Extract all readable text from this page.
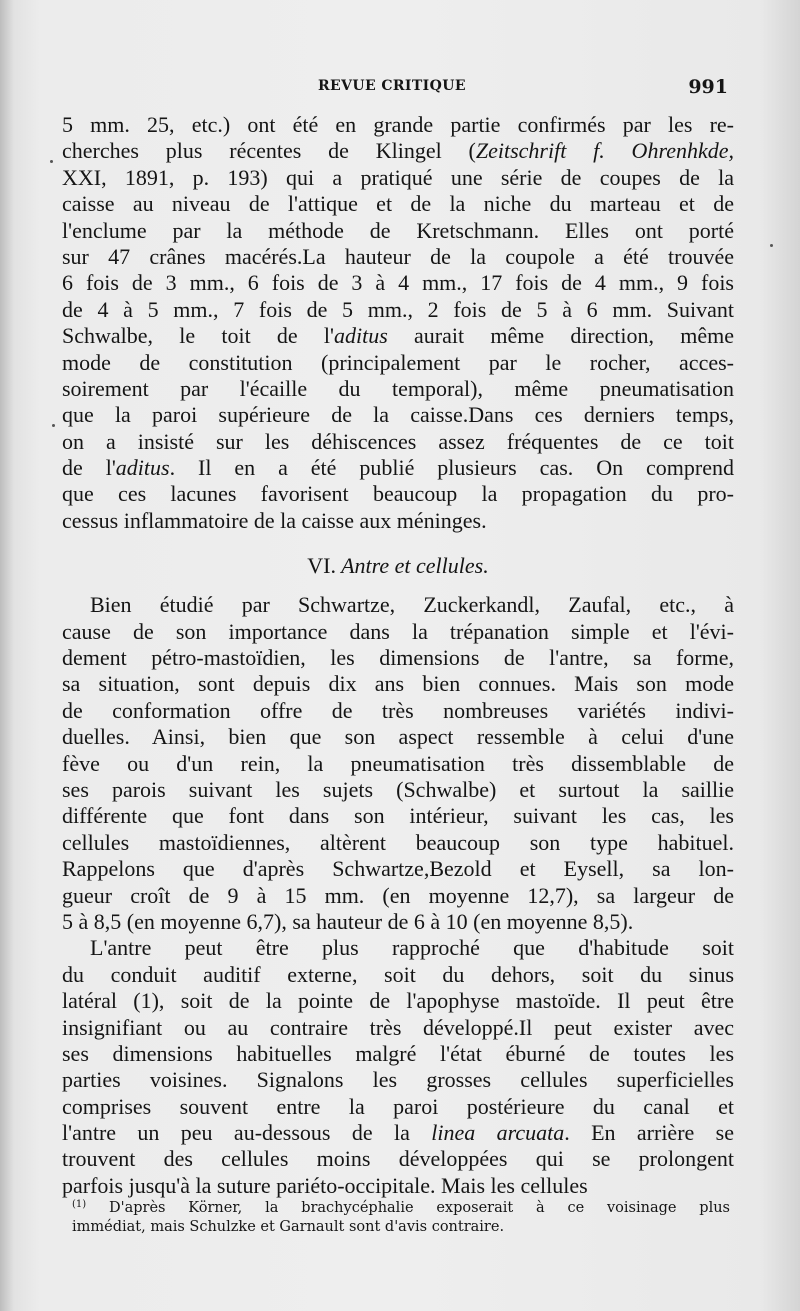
REVUE CRITIQUE	991
5 mm. 25, etc.) ont été en grande partie confirmés par les re-
cherches plus récentes de Klingel (Zeitschrift f. Ohrenhkde,
XXI, 1891, p. 193) qui a pratiqué une série de coupes de la
caisse au niveau de l'attique et de la niche du marteau et de
l'enclume par la méthode de Kretschmann. Elles ont porté
sur 47 crânes macérés.La hauteur de la coupole a été trouvée
6 fois de 3 mm., 6 fois de 3 à 4 mm., 17 fois de 4 mm., 9 fois
de 4 à 5 mm., 7 fois de 5 mm., 2 fois de 5 à 6 mm. Suivant
Schwalbe, le toit de l'aditus aurait même direction, même
mode de constitution (principalement par le rocher, acces-
soirement par l'écaille du temporal), même pneumatisation
que la paroi supérieure de la caisse.Dans ces derniers temps,
on a insisté sur les déhiscences assez fréquentes de ce toit
de l'aditus. Il en a été publié plusieurs cas. On comprend
que ces lacunes favorisent beaucoup la propagation du pro-
cessus inflammatoire de la caisse aux méninges.
VI. Antre et cellules.
Bien étudié par Schwartze, Zuckerkandl, Zaufal, etc., à
cause de son importance dans la trépanation simple et l'évi-
dement pétro-mastoïdien, les dimensions de l'antre, sa forme,
sa situation, sont depuis dix ans bien connues. Mais son mode
de conformation offre de très nombreuses variétés indivi-
duelles. Ainsi, bien que son aspect ressemble à celui d'une
fève ou d'un rein, la pneumatisation très dissemblable de
ses parois suivant les sujets (Schwalbe) et surtout la saillie
différente que font dans son intérieur, suivant les cas, les
cellules mastoïdiennes, altèrent beaucoup son type habituel.
Rappelons que d'après Schwartze,Bezold et Eysell, sa lon-
gueur croît de 9 à 15 mm. (en moyenne 12,7), sa largeur de
5 à 8,5 (en moyenne 6,7), sa hauteur de 6 à 10 (en moyenne 8,5).
L'antre peut être plus rapproché que d'habitude soit
du conduit auditif externe, soit du dehors, soit du sinus
latéral (1), soit de la pointe de l'apophyse mastoïde. Il peut être
insignifiant ou au contraire très développé.Il peut exister avec
ses dimensions habituelles malgré l'état éburné de toutes les
parties voisines. Signalons les grosses cellules superficielles
comprises souvent entre la paroi postérieure du canal et
l'antre un peu au-dessous de la linea arcuata. En arrière se
trouvent des cellules moins développées qui se prolongent
parfois jusqu'à la suture pariéto-occipitale. Mais les cellules
$^{(1)}$ D'après Körner, la brachycéphalie exposerait à ce voisinage plus
immédiat, mais Schulzke et Garnault sont d'avis contraire.
